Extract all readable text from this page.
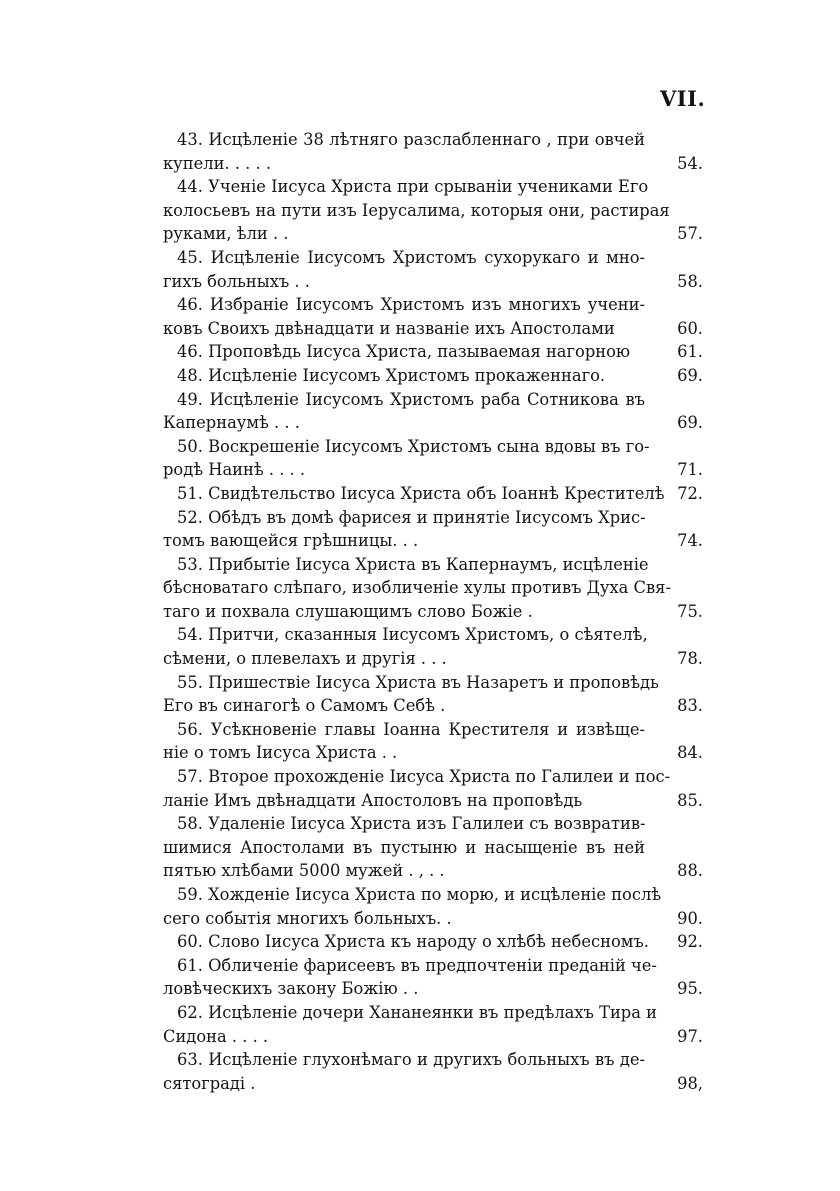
VII.
43. Исцѣленіе 38 лѣтняго разслабленнаго , при овчей
купели. . . . .	54.
44. Ученіе Іисуса Христа при срываніи учениками Его
колосьевъ на пути изъ Іерусалима, которыя они, растирая
руками, ѣли . .	57.
45. Исцѣленіе Іисусомъ Христомъ сухорукаго и мно-
гихъ больныхъ . .	58.
46. Избраніе Іисусомъ Христомъ изъ многихъ учени-
ковъ Своихъ двѣнадцати и названіе ихъ Апостолами	60.
46. Проповѣдь Іисуса Христа, пазываемая нагорною	61.
48. Исцѣленіе Іисусомъ Христомъ прокаженнаго.	69.
49. Исцѣленіе Іисусомъ Христомъ раба Сотникова въ
Капернаумѣ . . .	69.
50. Воскрешеніе Іисусомъ Христомъ сына вдовы въ го-
родѣ Наинѣ . . . .	71.
51. Свидѣтельство Іисуса Христа объ Іоаннѣ Крестителѣ 72.
52. Обѣдъ въ домѣ фарисея и принятіе Іисусомъ Хрис-
томъ вающейся грѣшницы. . .	74.
53. Прибытіе Іисуса Христа въ Капернаумъ, исцѣленіе
бѣсноватаго слѣпаго, изобличеніе хулы противъ Духа Свя-
таго и похвала слушающимъ слово Божіе .	75.
54. Притчи, сказанныя Іисусомъ Христомъ, о сѣятелѣ,
сѣмени, о плевелахъ и другія . . .	78.
55. Пришествіе Іисуса Христа въ Назаретъ и проповѣдь
Его въ синагогѣ о Самомъ Себѣ .	83.
56. Усѣкновеніе главы Іоанна Крестителя и извѣще-
ніе о томъ Іисуса Христа . .	84.
57. Второе прохожденіе Іисуса Христа по Галилеи и пос-
ланіе Имъ двѣнадцати Апостоловъ на проповѣдь	85.
58. Удаленіе Іисуса Христа изъ Галилеи съ возвратив-
шимися Апостолами въ пустыню и насыщеніе въ ней
пятью хлѣбами 5000 мужей . , . .	88.
59. Хожденіе Іисуса Христа по морю, и исцѣленіе послѣ
сего событія многихъ больныхъ. .	90.
60. Слово Іисуса Христа къ народу о хлѣбѣ небесномъ.	92.
61. Обличеніе фарисеевъ въ предпочтеніи преданій че-
ловѣческихъ закону Божію . .	95.
62. Исцѣленіе дочери Хананеянки въ предѣлахъ Тира и
Сидона . . . .	97.
63. Исцѣленіе глухонѣмаго и другихъ больныхъ въ де-
сятограді .	98,
